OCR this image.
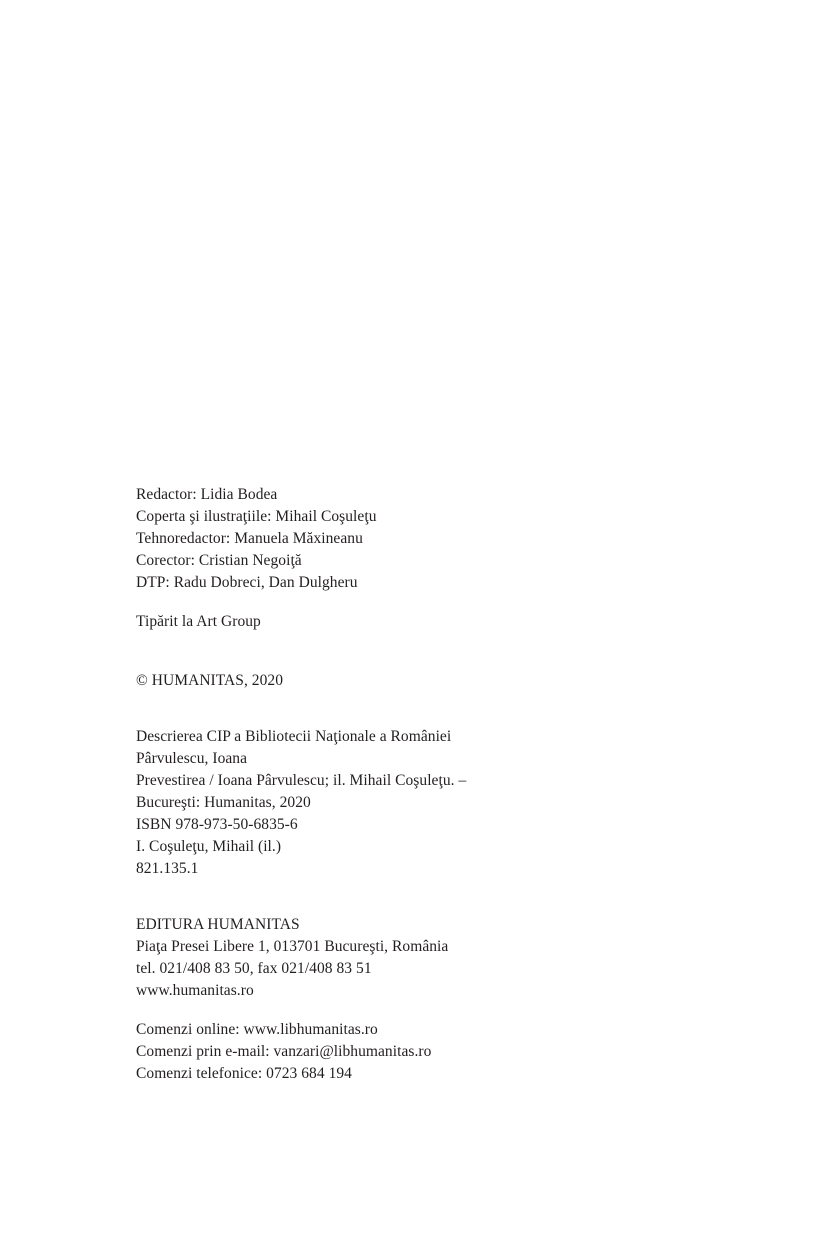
Redactor: Lidia Bodea
Coperta şi ilustraţiile: Mihail Coşuleţu
Tehnoredactor: Manuela Măxineanu
Corector: Cristian Negoiţă
DTP: Radu Dobreci, Dan Dulgheru
Tipărit la Art Group
© HUMANITAS, 2020
Descrierea CIP a Bibliotecii Naţionale a României
Pârvulescu, Ioana
Prevestirea / Ioana Pârvulescu; il. Mihail Coşuleţu. –
Bucureşti: Humanitas, 2020
ISBN 978-973-50-6835-6
I. Coşuleţu, Mihail (il.)
821.135.1
EDITURA HUMANITAS
Piaţa Presei Libere 1, 013701 Bucureşti, România
tel. 021/408 83 50, fax 021/408 83 51
www.humanitas.ro
Comenzi online: www.libhumanitas.ro
Comenzi prin e-mail: vanzari@libhumanitas.ro
Comenzi telefonice: 0723 684 194
